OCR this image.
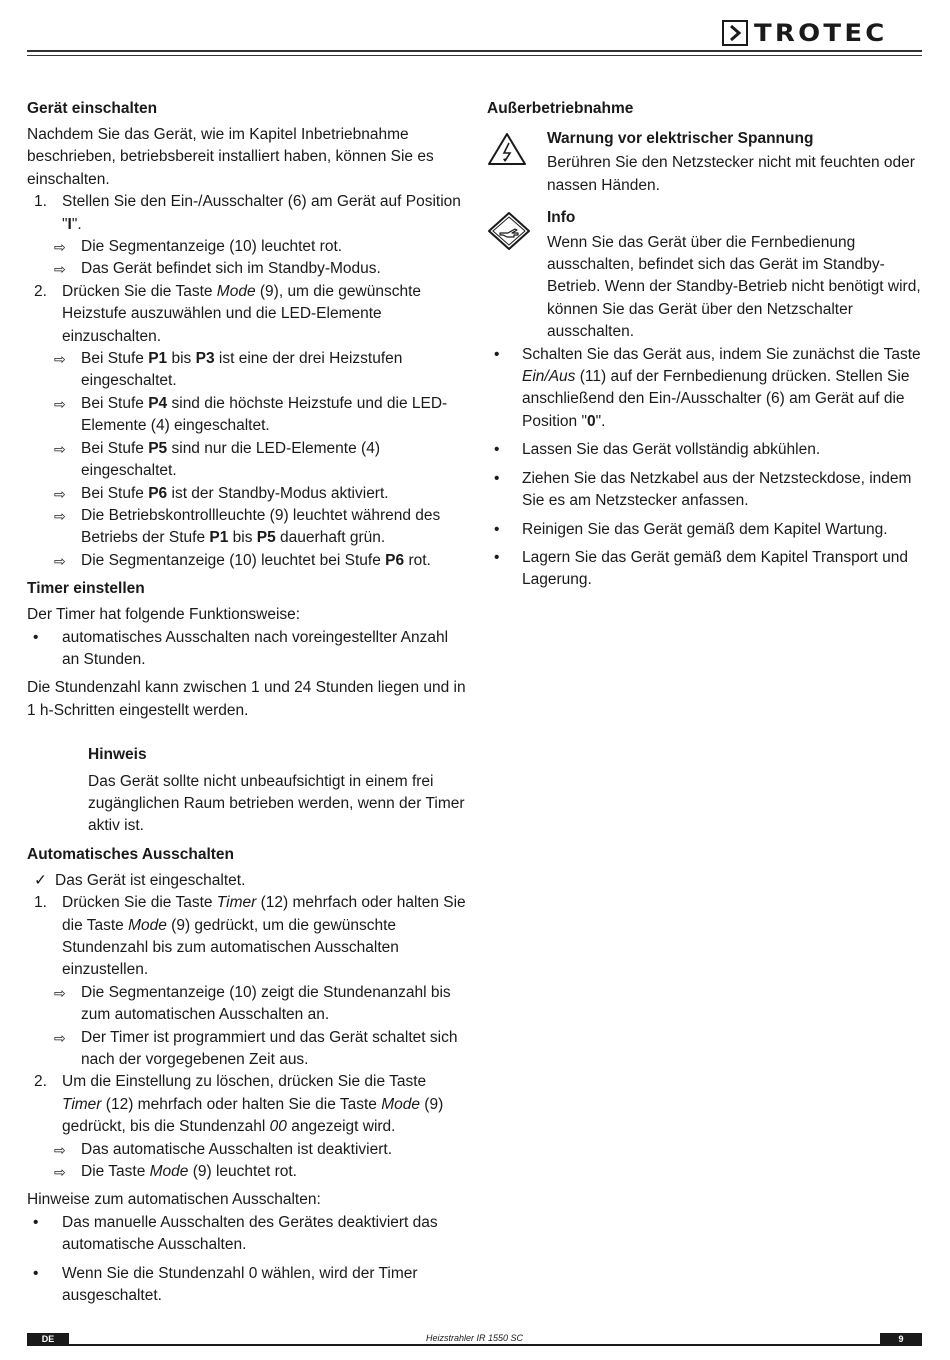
TROTEC
Gerät einschalten

Nachdem Sie das Gerät, wie im Kapitel Inbetriebnahme beschrieben, betriebsbereit installiert haben, können Sie es einschalten.

1. Stellen Sie den Ein-/Ausschalter (6) am Gerät auf Position "I".
⇨ Die Segmentanzeige (10) leuchtet rot.
⇨ Das Gerät befindet sich im Standby-Modus.
2. Drücken Sie die Taste Mode (9), um die gewünschte Heizstufe auszuwählen und die LED-Elemente einzuschalten.
⇨ Bei Stufe P1 bis P3 ist eine der drei Heizstufen eingeschaltet.
⇨ Bei Stufe P4 sind die höchste Heizstufe und die LED-Elemente (4) eingeschaltet.
⇨ Bei Stufe P5 sind nur die LED-Elemente (4) eingeschaltet.
⇨ Bei Stufe P6 ist der Standby-Modus aktiviert.
⇨ Die Betriebskontrollleuchte (9) leuchtet während des Betriebs der Stufe P1 bis P5 dauerhaft grün.
⇨ Die Segmentanzeige (10) leuchtet bei Stufe P6 rot.
Timer einstellen

Der Timer hat folgende Funktionsweise:

•	automatisches Ausschalten nach voreingestellter Anzahl an Stunden.

Die Stundenzahl kann zwischen 1 und 24 Stunden liegen und in 1 h-Schritten eingestellt werden.

Hinweis

Das Gerät sollte nicht unbeaufsichtigt in einem frei zugänglichen Raum betrieben werden, wenn der Timer aktiv ist.

Automatisches Ausschalten
✓ Das Gerät ist eingeschaltet.
1. Drücken Sie die Taste Timer (12) mehrfach oder halten Sie die Taste Mode (9) gedrückt, um die gewünschte Stundenzahl bis zum automatischen Ausschalten einzustellen.
⇨ Die Segmentanzeige (10) zeigt die Stundenanzahl bis zum automatischen Ausschalten an.
⇨ Der Timer ist programmiert und das Gerät schaltet sich nach der vorgegebenen Zeit aus.
2. Um die Einstellung zu löschen, drücken Sie die Taste Timer (12) mehrfach oder halten Sie die Taste Mode (9) gedrückt, bis die Stundenzahl 00 angezeigt wird.
⇨ Das automatische Ausschalten ist deaktiviert.
⇨ Die Taste Mode (9) leuchtet rot.

Hinweise zum automatischen Ausschalten:

•	Das manuelle Ausschalten des Gerätes deaktiviert das automatische Ausschalten.
•	Wenn Sie die Stundenzahl 0 wählen, wird der Timer ausgeschaltet.
Außerbetriebnahme
Warnung vor elektrischer Spannung

Berühren Sie den Netzstecker nicht mit feuchten oder nassen Händen.

Info

Wenn Sie das Gerät über die Fernbedienung ausschalten, befindet sich das Gerät im Standby-Betrieb. Wenn der Standby-Betrieb nicht benötigt wird, können Sie das Gerät über den Netzschalter ausschalten.

•	Schalten Sie das Gerät aus, indem Sie zunächst die Taste Ein/Aus (11) auf der Fernbedienung drücken. Stellen Sie anschließend den Ein-/Ausschalter (6) am Gerät auf die Position "0".
•	Lassen Sie das Gerät vollständig abkühlen.
•	Ziehen Sie das Netzkabel aus der Netzsteckdose, indem Sie es am Netzstecker anfassen.
•	Reinigen Sie das Gerät gemäß dem Kapitel Wartung.
•	Lagern Sie das Gerät gemäß dem Kapitel Transport und Lagerung.
Heizstrahler IR 1550 SC
DE	9
